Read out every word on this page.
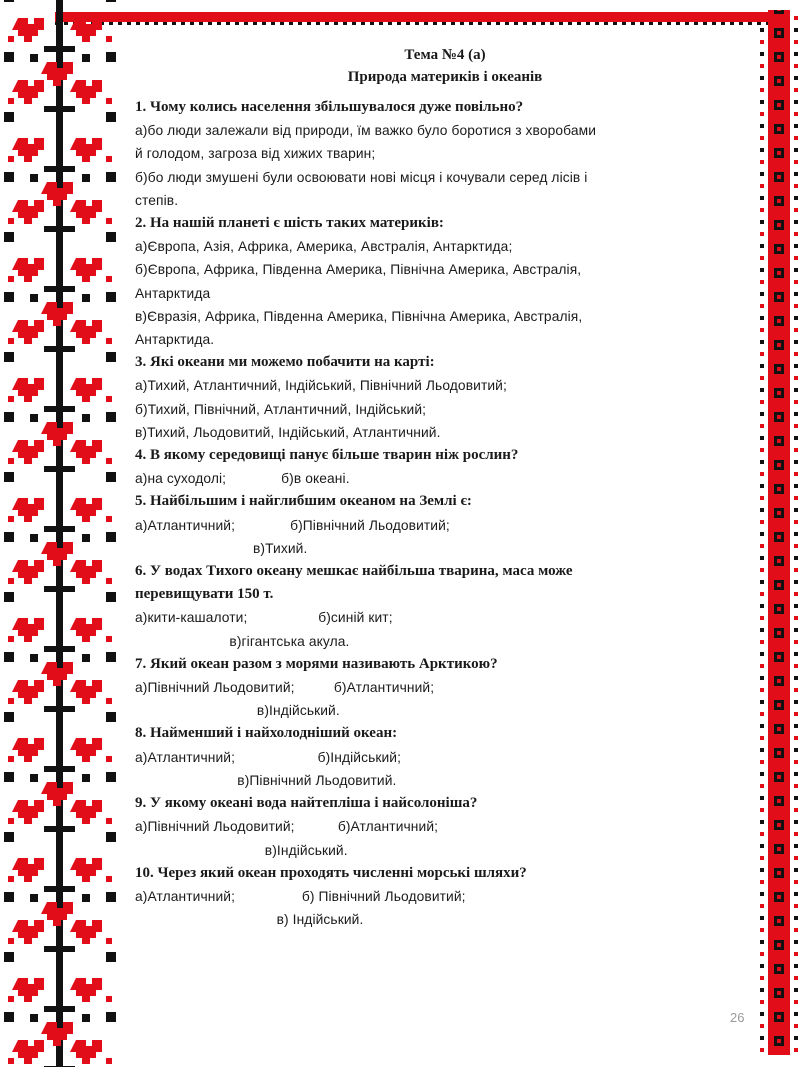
Тема №4 (а)
Природа материків і океанів
1. Чому колись населення збільшувалося дуже повільно?
а)бо люди залежали від природи, їм важко було боротися з хворобами
й голодом, загроза від хижих тварин;
б)бо люди змушені були освоювати нові місця і кочували серед лісів і
степів.
2. На нашій планеті є шість таких материків:
а)Європа, Азія, Африка, Америка, Австралія, Антарктида;
б)Європа, Африка, Південна Америка, Північна Америка, Австралія,
Антарктида
в)Євразія, Африка, Південна Америка, Північна Америка, Австралія,
Антарктида.
3. Які океани ми можемо побачити на карті:
а)Тихий, Атлантичний, Індійський, Північний Льодовитий;
б)Тихий, Північний, Атлантичний, Індійський;
в)Тихий, Льодовитий, Індійський, Атлантичний.
4. В якому середовищі панує більше тварин ніж рослин?
а)на суходолі;              б)в океані.
5. Найбільшим і найглибшим океаном на Землі є:
а)Атлантичний;              б)Північний Льодовитий;
в)Тихий.
6. У водах Тихого океану мешкає найбільша тварина, маса може
перевищувати 150 т.
а)кити-кашалоти;                  б)синій кит;
в)гігантська акула.
7. Який океан разом з морями називають Арктикою?
а)Північний Льодовитий;          б)Атлантичний;
в)Індійський.
8. Найменший і найхолодніший океан:
а)Атлантичний;                     б)Індійський;
в)Північний Льодовитий.
9. У якому океані вода найтепліша і найсолоніша?
а)Північний Льодовитий;           б)Атлантичний;
в)Індійський.
10. Через який океан проходять численні морські шляхи?
а)Атлантичний;                 б) Північний Льодовитий;
в) Індійський.
26
